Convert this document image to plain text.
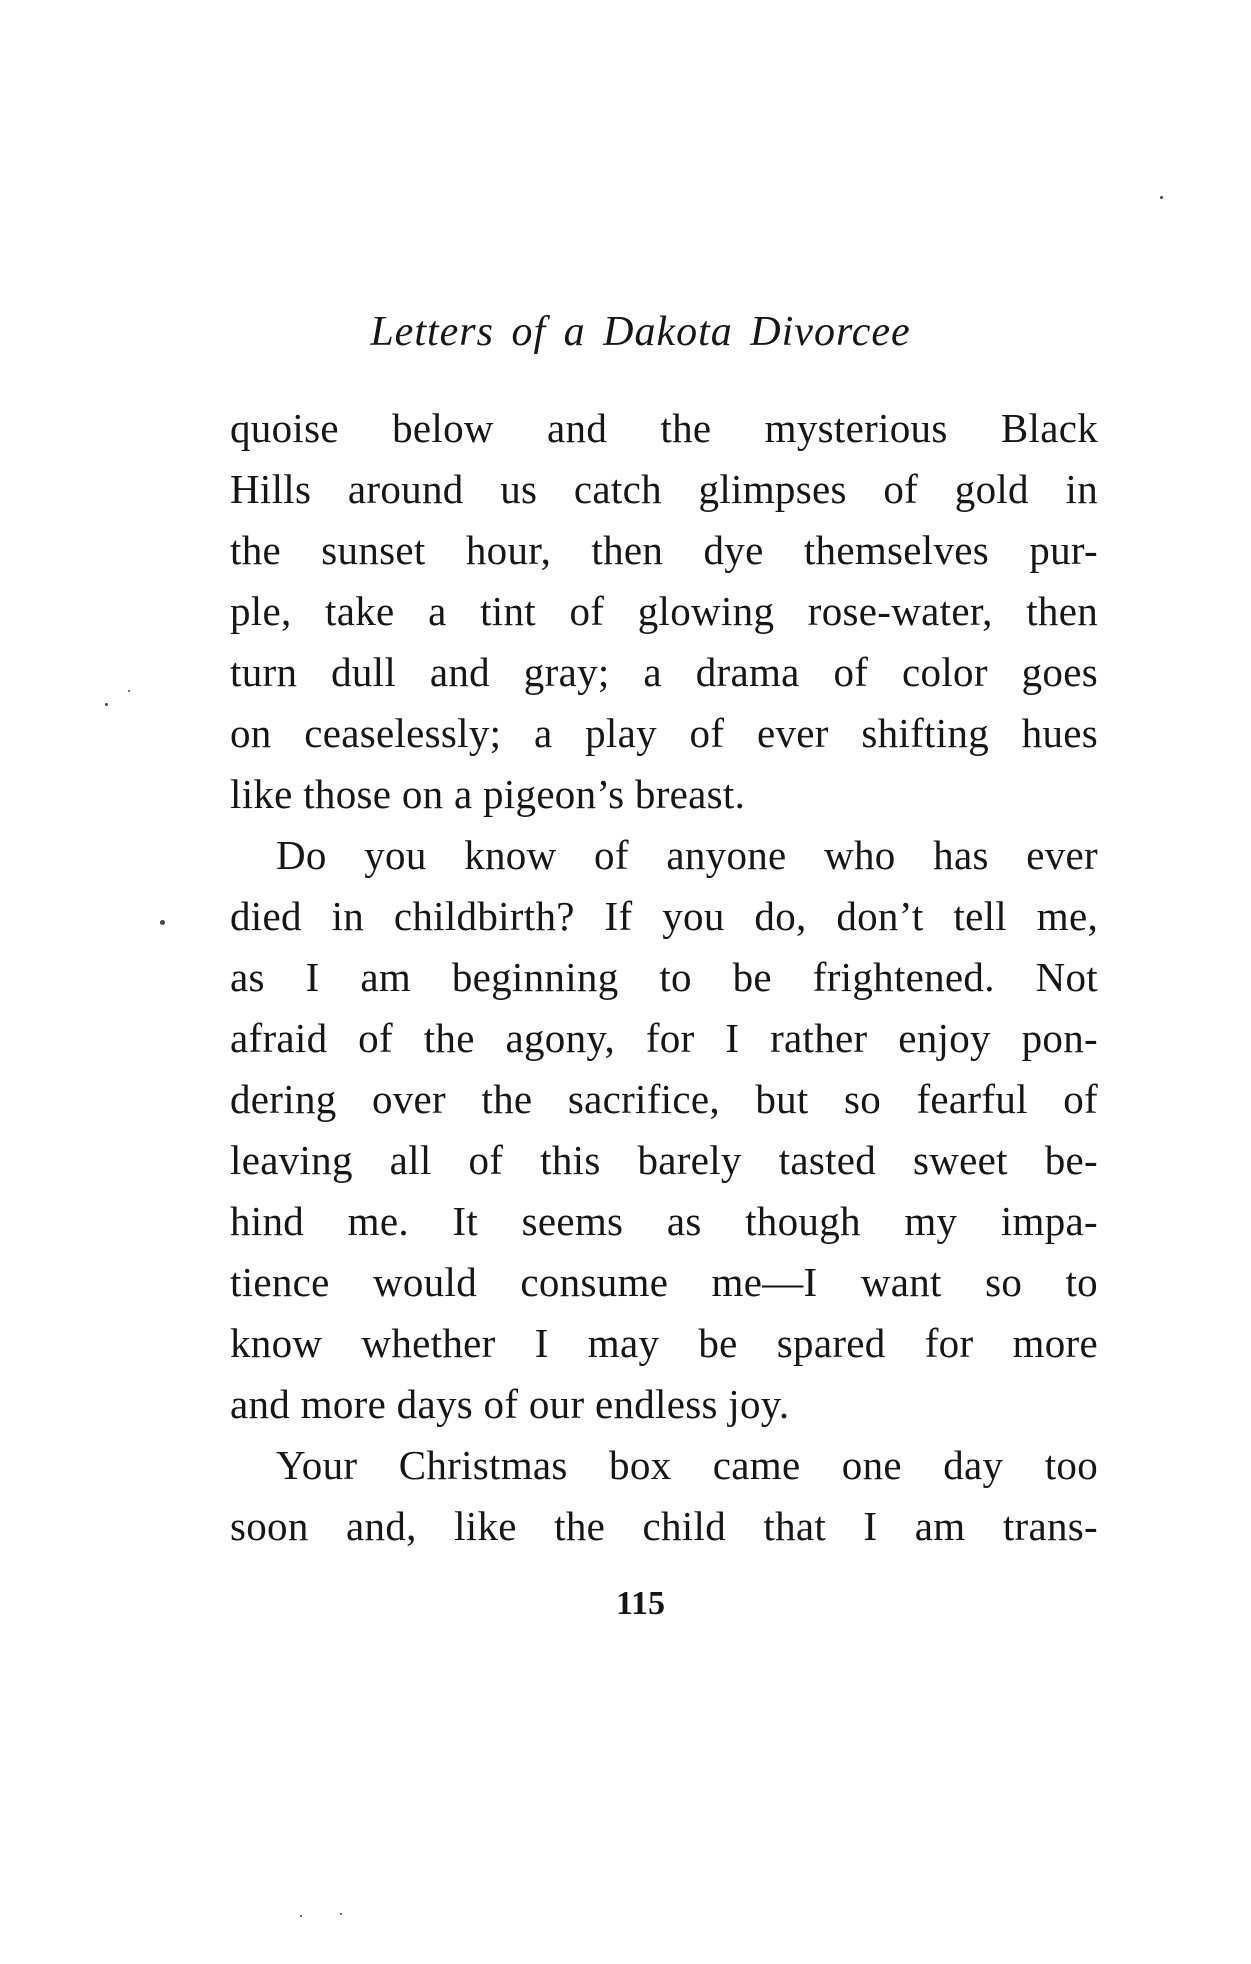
Letters of a Dakota Divorcee
quoise below and the mysterious Black
Hills around us catch glimpses of gold in
the sunset hour, then dye themselves pur-
ple, take a tint of glowing rose-water, then
turn dull and gray; a drama of color goes
on ceaselessly; a play of ever shifting hues
like those on a pigeon’s breast.
Do you know of anyone who has ever
died in childbirth? If you do, don’t tell me,
as I am beginning to be frightened. Not
afraid of the agony, for I rather enjoy pon-
dering over the sacrifice, but so fearful of
leaving all of this barely tasted sweet be-
hind me. It seems as though my impa-
tience would consume me—I want so to
know whether I may be spared for more
and more days of our endless joy.
Your Christmas box came one day too
soon and, like the child that I am trans-
115
